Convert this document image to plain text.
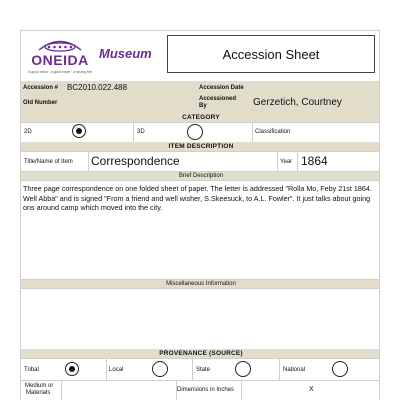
ONEIDA
A good mind · a good heart · a strong fire
Museum	Accession Sheet
Accession # BC2010.022.488	Accession Date
Old Number
Accessioned
By	Gerzetich, Courtney
CATEGORY
2D	3D	Classification
ITEM DESCRIPTION
Title/Name of Item Correspondence	Year 1864
Brief Description
Three page correspondence on one folded sheet of paper. The letter is addressed "Rolla Mo, Feby 21st 1864. Well Abba" and is signed "From a friend and well wisher, S.Skeesuck, to A.L. Fowler". It just talks about going ons around camp which moved into the city.
Miscellaneous Information
PROVENANCE (SOURCE)
Tribal	Local	State	National
Medium or
Materials	Dimensions in Inches	X
